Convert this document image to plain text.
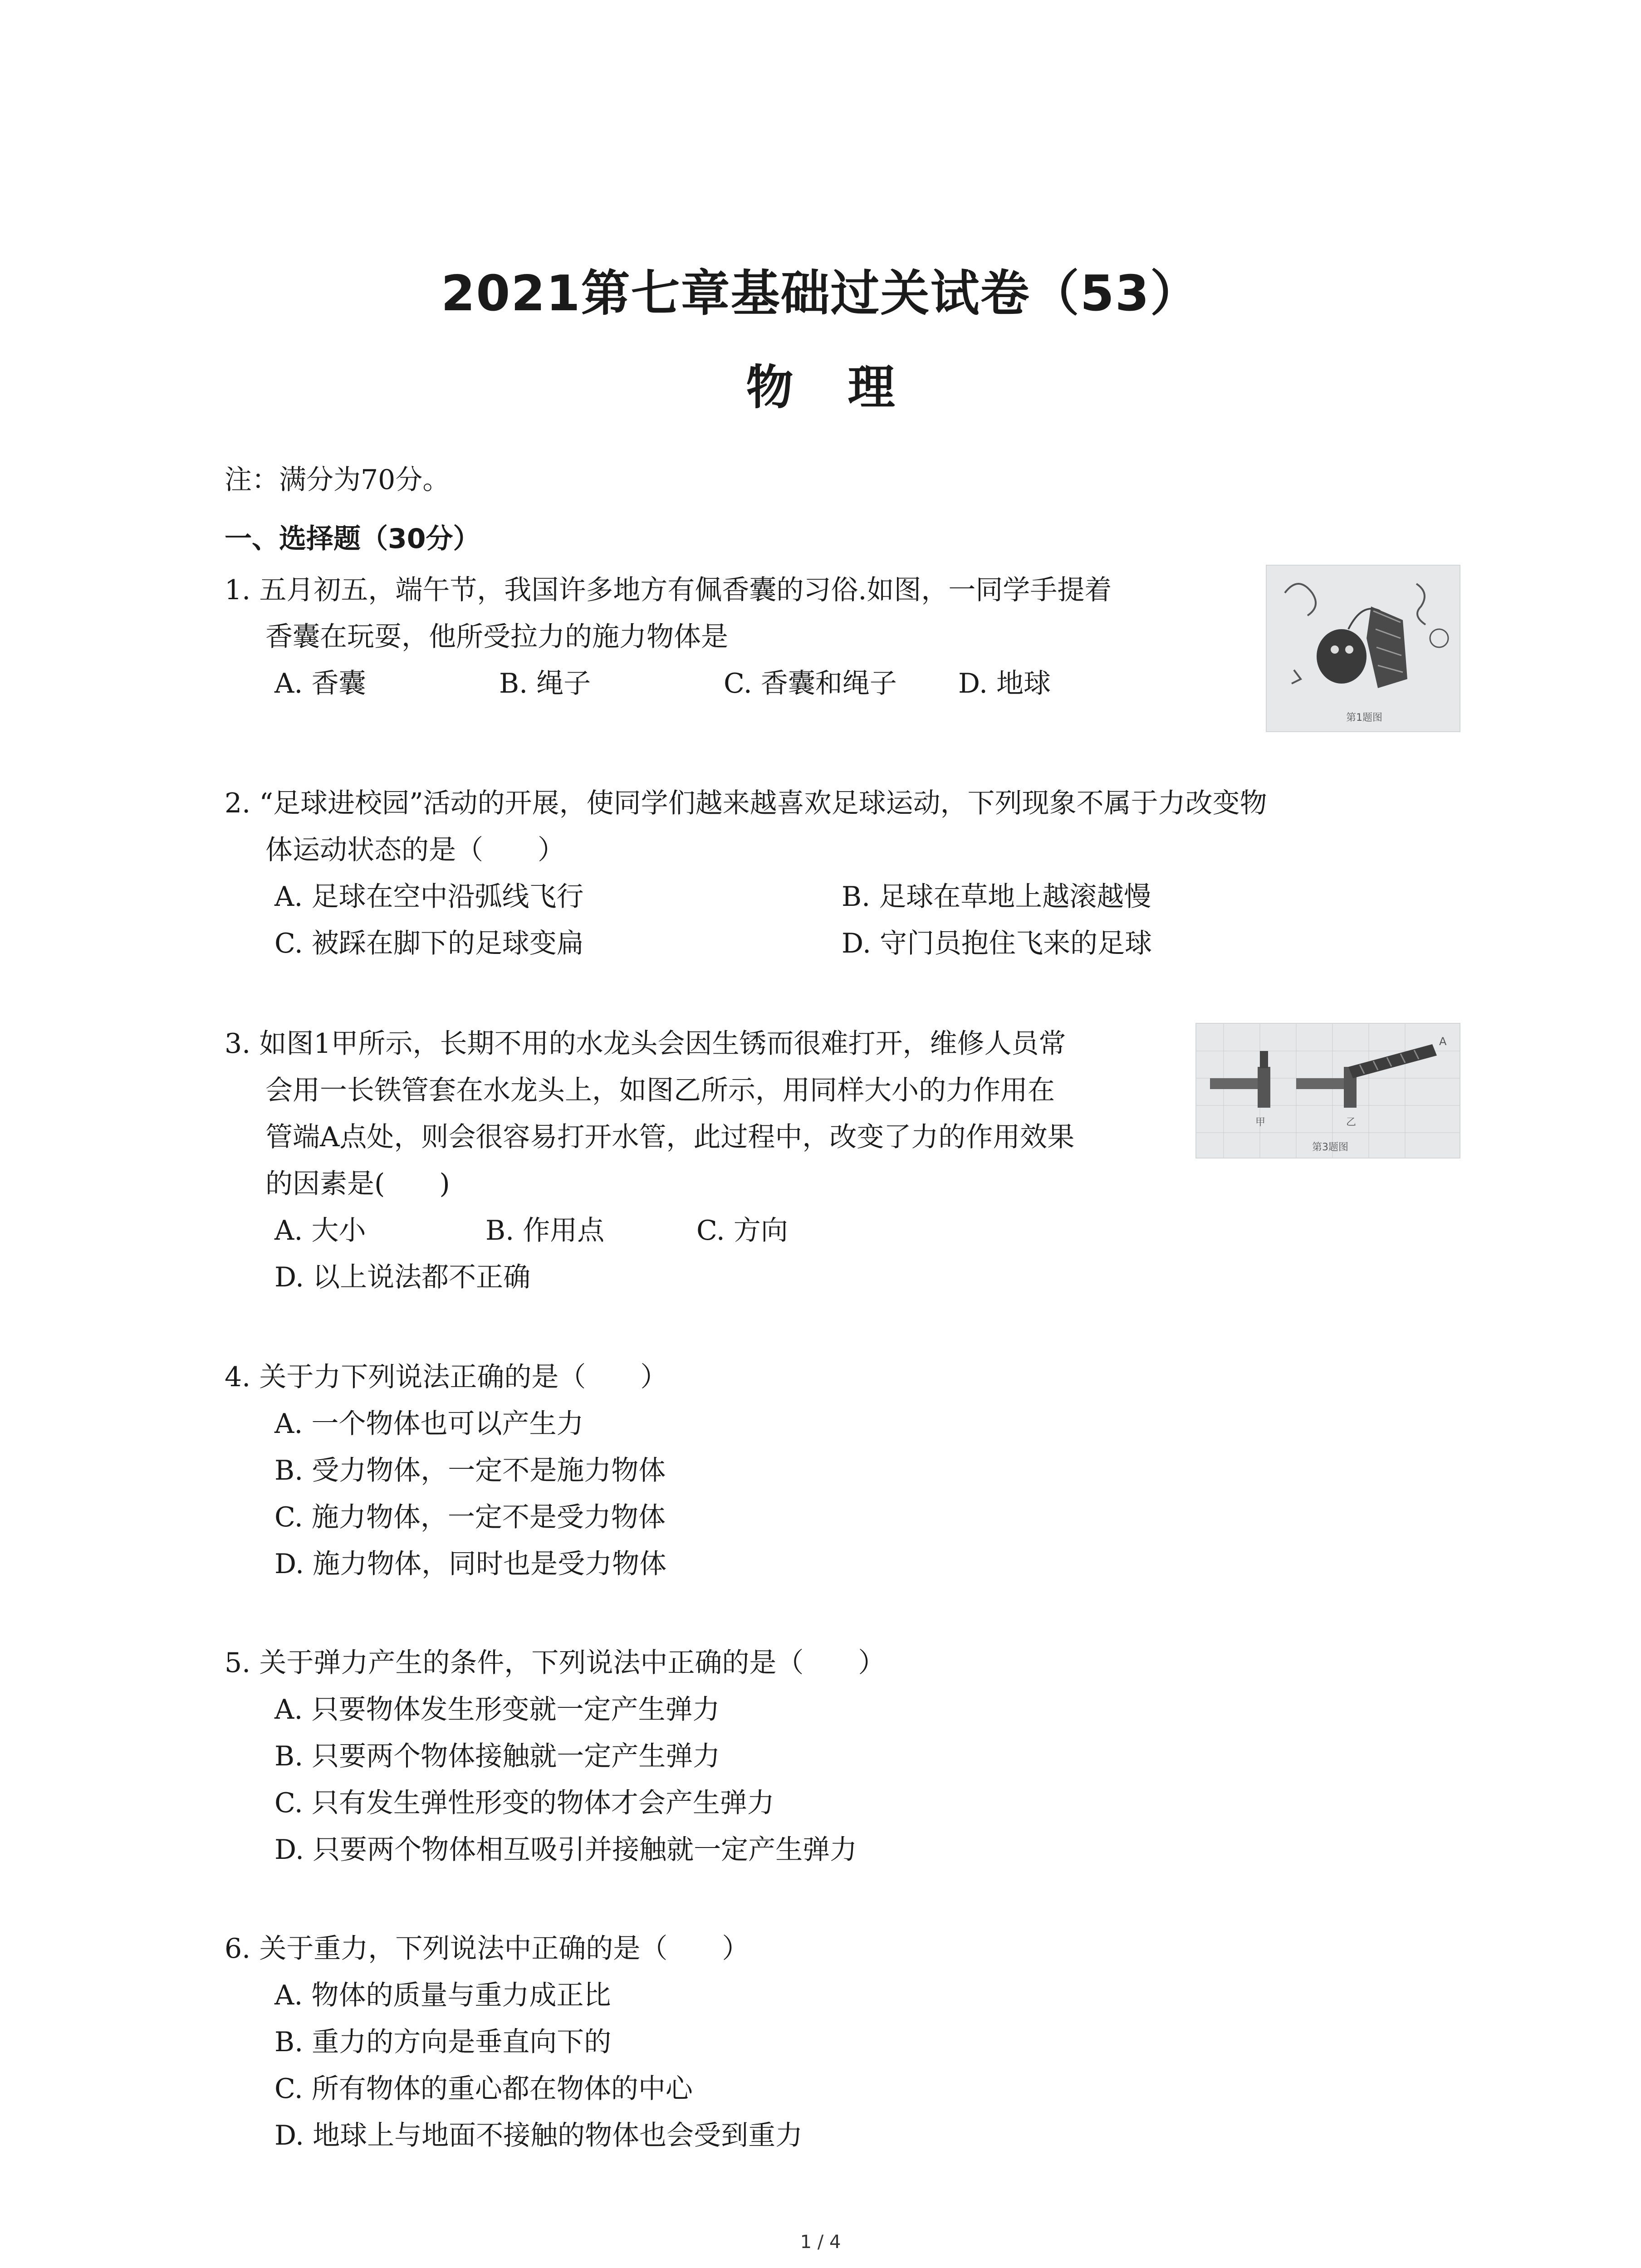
2021第七章基础过关试卷（53）
物理
注：满分为70分。
一、选择题（30分）
1. 五月初五，端午节，我国许多地方有佩香囊的习俗.如图，一同学手提着
香囊在玩耍，他所受拉力的施力物体是
A. 香囊	B. 绳子	C. 香囊和绳子 D. 地球
第1题图
2. “足球进校园”活动的开展，使同学们越来越喜欢足球运动，下列现象不属于力改变物
体运动状态的是（　　）
A. 足球在空中沿弧线飞行	B. 足球在草地上越滚越慢
C. 被踩在脚下的足球变扁	D. 守门员抱住飞来的足球
3. 如图1甲所示，长期不用的水龙头会因生锈而很难打开，维修人员常
会用一长铁管套在水龙头上，如图乙所示，用同样大小的力作用在
管端A点处，则会很容易打开水管，此过程中，改变了力的作用效果
的因素是(　　)
A. 大小	B. 作用点	C. 方向
D. 以上说法都不正确
A
甲	乙
第3题图
4. 关于力下列说法正确的是（　　）
A. 一个物体也可以产生力
B. 受力物体，一定不是施力物体
C. 施力物体，一定不是受力物体
D. 施力物体，同时也是受力物体
5. 关于弹力产生的条件，下列说法中正确的是（　　）
A. 只要物体发生形变就一定产生弹力
B. 只要两个物体接触就一定产生弹力
C. 只有发生弹性形变的物体才会产生弹力
D. 只要两个物体相互吸引并接触就一定产生弹力
6. 关于重力，下列说法中正确的是（　　）
A. 物体的质量与重力成正比
B. 重力的方向是垂直向下的
C. 所有物体的重心都在物体的中心
D. 地球上与地面不接触的物体也会受到重力
1 / 4
